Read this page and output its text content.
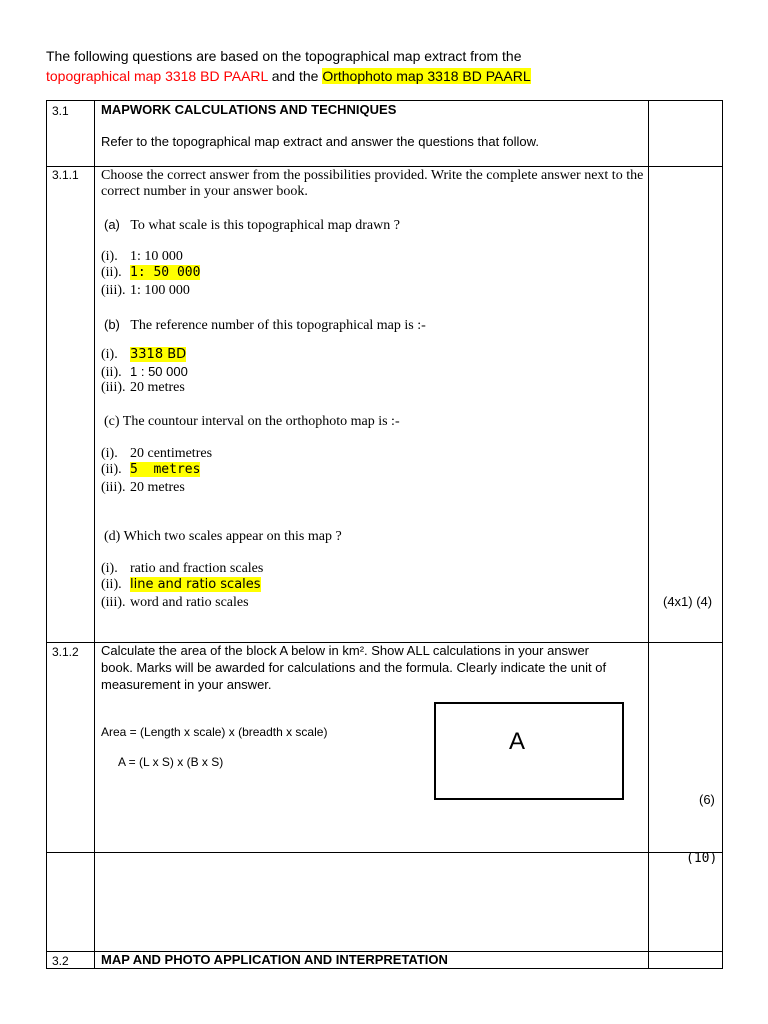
The following questions are based on the topographical map extract from the
topographical map 3318 BD PAARL and the Orthophoto map 3318 BD PAARL
3.1 MAPWORK CALCULATIONS AND TECHNIQUES
Refer to the topographical map extract and answer the questions that follow.
3.1.1 Choose the correct answer from the possibilities provided. Write the complete answer next to the
correct number in your answer book.
(a) To what scale is this topographical map drawn ?
(i). 1: 10 000
(ii). 1: 50 000
(iii). 1: 100 000
(b) The reference number of this topographical map is :-
(i). 3318 BD
(ii). 1 : 50 000
(iii). 20 metres
(c) The countour interval on the orthophoto map is :-
(i). 20 centimetres
(ii). 5  metres
(iii). 20 metres
(d) Which two scales appear on this map ?
(i). ratio and fraction scales
(ii). line and ratio scales
(iii). word and ratio scales	(4x1) (4)
3.1.2 Calculate the area of the block A below in km². Show ALL calculations in your answer
book. Marks will be awarded for calculations and the formula. Clearly indicate the unit of
measurement in your answer.
Area = (Length x scale) x (breadth x scale)
A = (L x S) x (B x S)
A
(6)
(10)
3.2 MAP AND PHOTO APPLICATION AND INTERPRETATION
